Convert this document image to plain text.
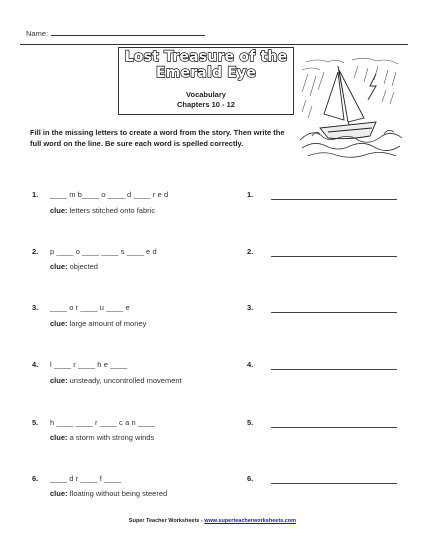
Name:
Lost Treasure of the
Emerald Eye
Vocabulary
Chapters 10 - 12
Fill in the missing letters to create a word from the story. Then write the full word on the line. Be sure each word is spelled correctly.
1. ____ m b____ o ____ d ____ r e d
clue: letters stitched onto fabric
1.
2. p ____ o ____ ____ s ____ e d
clue: objected
2.
3. ____ o r ____ u ____ e
clue: large amount of money
3.
4. l ____ r ____ h e ____
clue: unsteady, uncontrolled movement
4.
5. h ____ ____ r ____ c a n ____
clue: a storm with strong winds
5.
6. ____ d r ____ f ____
clue: floating without being steered
6.
Super Teacher Worksheets - www.superteacherworksheets.com
